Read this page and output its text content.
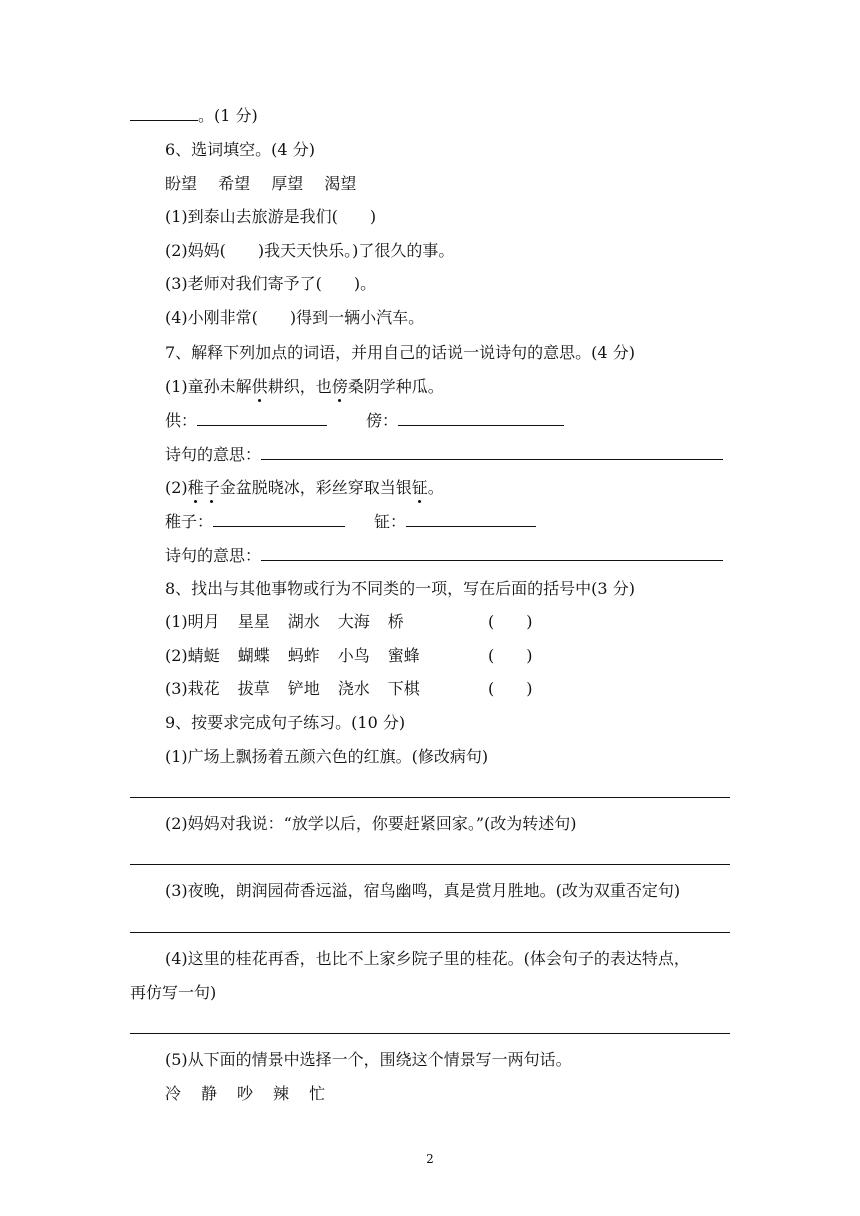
。(1 分)
6、选词填空。(4 分)
盼望 希望 厚望 渴望
(1)到泰山去旅游是我们(　　)
(2)妈妈(　　)我天天快乐。)了很久的事。
(3)老师对我们寄予了(　　)。
(4)小刚非常(　　)得到一辆小汽车。
7、解释下列加点的词语，并用自己的话说一说诗句的意思。(4 分)
(1)童孙未解供耕织，也傍桑阴学种瓜。
供：	傍：
诗句的意思：
(2)稚子金盆脱晓冰，彩丝穿取当银钲。
稚子：	钲：
诗句的意思：
8、找出与其他事物或行为不同类的一项，写在后面的括号中(3 分)
(1)明月 星星 湖水 大海 桥	(　　)
(2)蜻蜓 蝴蝶 蚂蚱 小鸟 蜜蜂	(　　)
(3)栽花 拔草 铲地 浇水 下棋	(　　)
9、按要求完成句子练习。(10 分)
(1)广场上飘扬着五颜六色的红旗。(修改病句)
(2)妈妈对我说：“放学以后，你要赶紧回家。”(改为转述句)
(3)夜晚，朗润园荷香远溢，宿鸟幽鸣，真是赏月胜地。(改为双重否定句)
(4)这里的桂花再香，也比不上家乡院子里的桂花。(体会句子的表达特点，
再仿写一句)
(5)从下面的情景中选择一个，围绕这个情景写一两句话。
冷 静 吵 辣 忙
2
